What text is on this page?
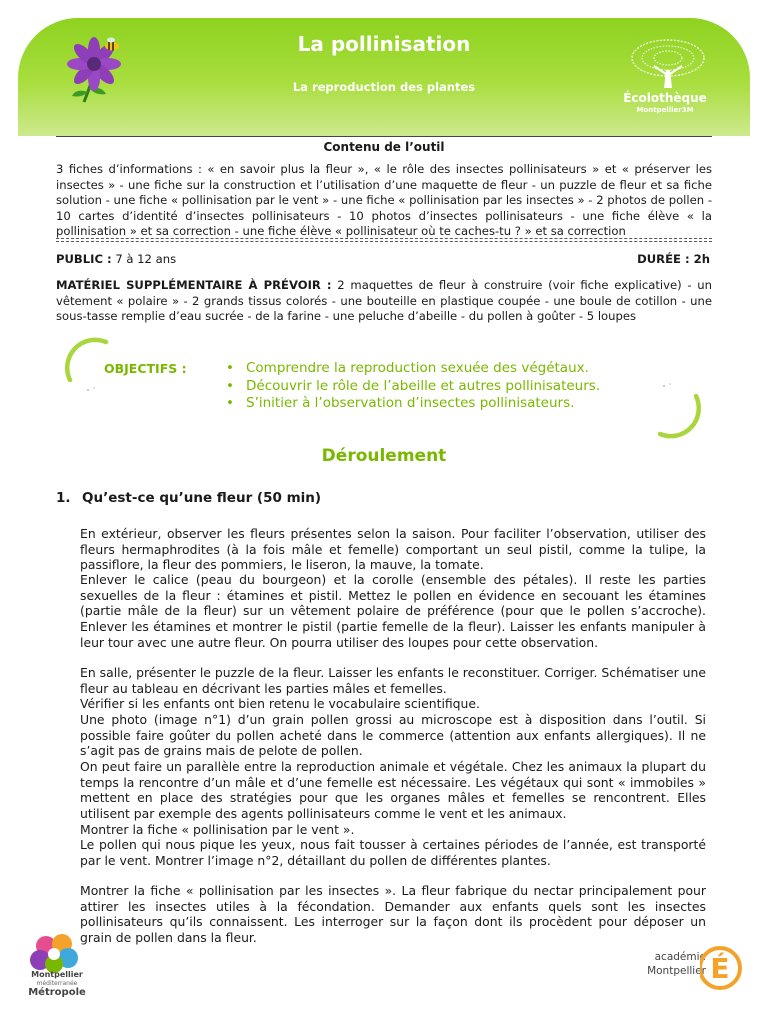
La pollinisation
La reproduction des plantes
Écolothèque
Montpellier3M
Contenu de l’outil
3 fiches d’informations : « en savoir plus la fleur », « le rôle des insectes pollinisateurs » et « préserver les insectes » - une fiche sur la construction et l’utilisation d’une maquette de fleur - un puzzle de fleur et sa fiche solution - une fiche « pollinisation par le vent » - une fiche « pollinisation par les insectes » - 2 photos de pollen - 10 cartes d’identité d’insectes pollinisateurs - 10 photos d’insectes pollinisateurs - une fiche élève « la pollinisation » et sa correction - une fiche élève « pollinisateur où te caches-tu ? » et sa correction
PUBLIC : 7 à 12 ans	DURÉE : 2h
MATÉRIEL SUPPLÉMENTAIRE À PRÉVOIR : 2 maquettes de fleur à construire (voir fiche explicative) - un vêtement « polaire » - 2 grands tissus colorés - une bouteille en plastique coupée - une boule de cotillon - une sous-tasse remplie d’eau sucrée - de la farine - une peluche d’abeille - du pollen à goûter - 5 loupes
OBJECTIFS :	• Comprendre la reproduction sexuée des végétaux.
• Découvrir le rôle de l’abeille et autres pollinisateurs.
• S’initier à l’observation d’insectes pollinisateurs.
Déroulement
1. Qu’est-ce qu’une fleur (50 min)
En extérieur, observer les fleurs présentes selon la saison. Pour faciliter l’observation, utiliser des fleurs hermaphrodites (à la fois mâle et femelle) comportant un seul pistil, comme la tulipe, la passiflore, la fleur des pommiers, le liseron, la mauve, la tomate.
Enlever le calice (peau du bourgeon) et la corolle (ensemble des pétales). Il reste les parties sexuelles de la fleur : étamines et pistil. Mettez le pollen en évidence en secouant les étamines (partie mâle de la fleur) sur un vêtement polaire de préférence (pour que le pollen s’accroche). Enlever les étamines et montrer le pistil (partie femelle de la fleur). Laisser les enfants manipuler à leur tour avec une autre fleur. On pourra utiliser des loupes pour cette observation.
En salle, présenter le puzzle de la fleur. Laisser les enfants le reconstituer. Corriger. Schématiser une fleur au tableau en décrivant les parties mâles et femelles.
Vérifier si les enfants ont bien retenu le vocabulaire scientifique.
Une photo (image n°1) d’un grain pollen grossi au microscope est à disposition dans l’outil. Si possible faire goûter du pollen acheté dans le commerce (attention aux enfants allergiques). Il ne s’agit pas de grains mais de pelote de pollen.
On peut faire un parallèle entre la reproduction animale et végétale. Chez les animaux la plupart du temps la rencontre d’un mâle et d’une femelle est nécessaire. Les végétaux qui sont « immobiles » mettent en place des stratégies pour que les organes mâles et femelles se rencontrent. Elles utilisent par exemple des agents pollinisateurs comme le vent et les animaux.
Montrer la fiche « pollinisation par le vent ».
Le pollen qui nous pique les yeux, nous fait tousser à certaines périodes de l’année, est transporté par le vent. Montrer l’image n°2, détaillant du pollen de différentes plantes.
Montrer la fiche « pollinisation par les insectes ». La fleur fabrique du nectar principalement pour attirer les insectes utiles à la fécondation. Demander aux enfants quels sont les insectes pollinisateurs qu’ils connaissent. Les interroger sur la façon dont ils procèdent pour déposer un grain de pollen dans la fleur.
Montpellier
méditerranée
Métropole
académie
Montpellier É
